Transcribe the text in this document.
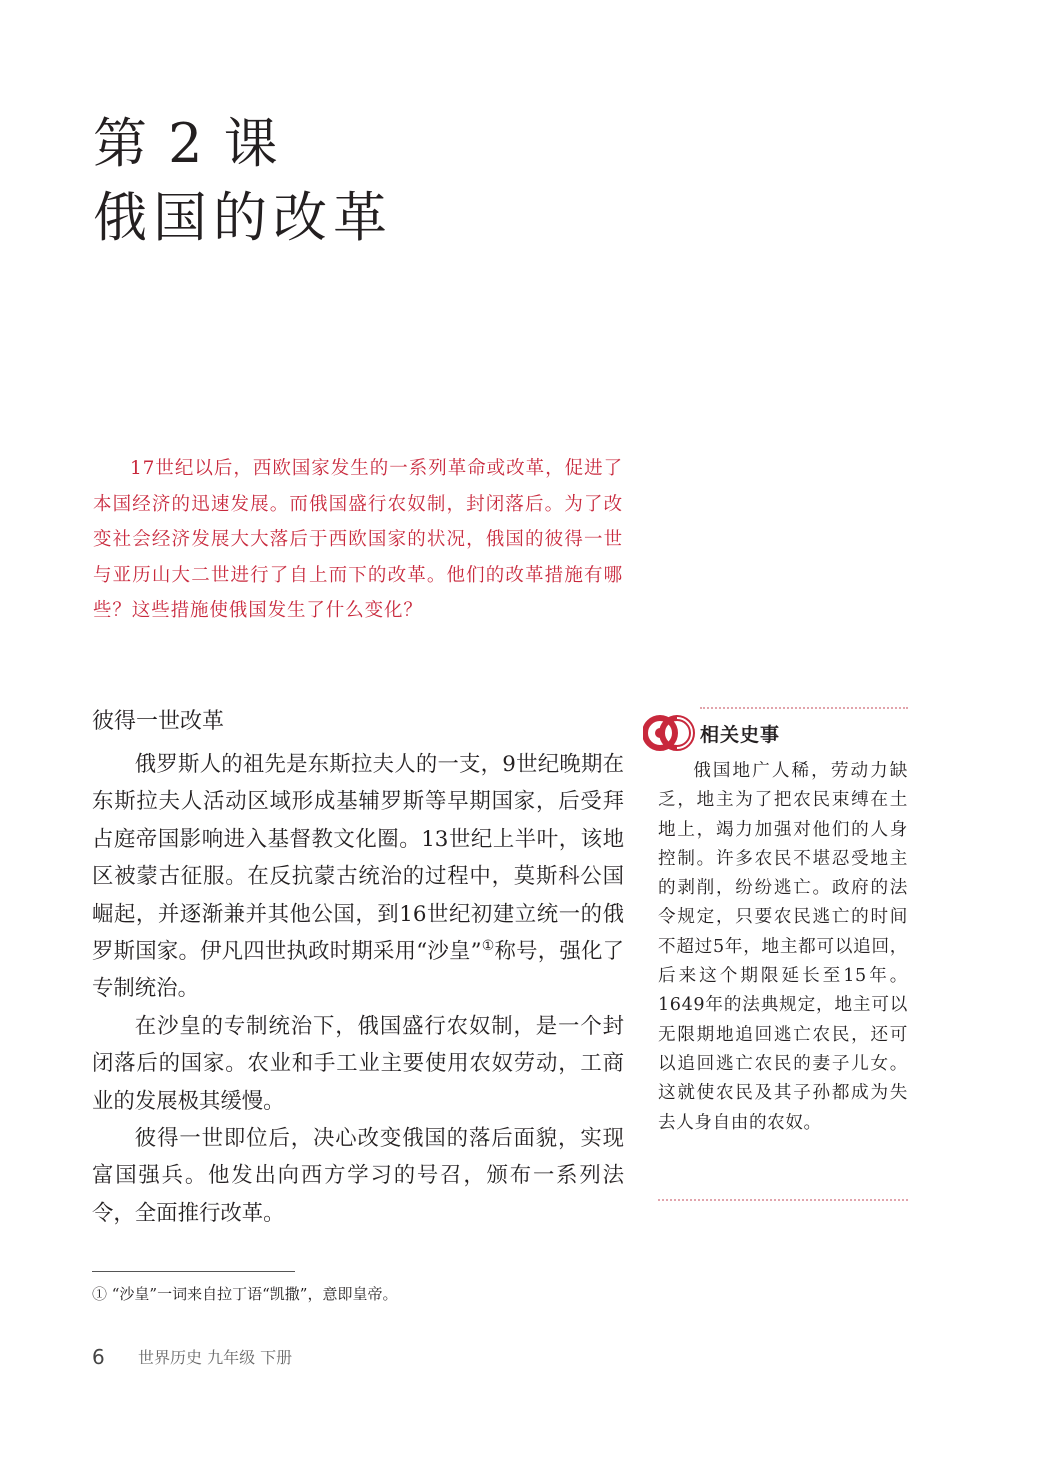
第 2 课
俄国的改革

17世纪以后，西欧国家发生的一系列革命或改革，促进了本国经济的迅速发展。而俄国盛行农奴制，封闭落后。为了改变社会经济发展大大落后于西欧国家的状况，俄国的彼得一世与亚历山大二世进行了自上而下的改革。他们的改革措施有哪些？这些措施使俄国发生了什么变化？

彼得一世改革

俄罗斯人的祖先是东斯拉夫人的一支，9世纪晚期在东斯拉夫人活动区域形成基辅罗斯等早期国家，后受拜占庭帝国影响进入基督教文化圈。13世纪上半叶，该地区被蒙古征服。在反抗蒙古统治的过程中，莫斯科公国崛起，并逐渐兼并其他公国，到16世纪初建立统一的俄罗斯国家。伊凡四世执政时期采用“沙皇”①称号，强化了专制统治。

在沙皇的专制统治下，俄国盛行农奴制，是一个封闭落后的国家。农业和手工业主要使用农奴劳动，工商业的发展极其缓慢。

彼得一世即位后，决心改变俄国的落后面貌，实现富国强兵。他发出向西方学习的号召，颁布一系列法令，全面推行改革。

相关史事

俄国地广人稀，劳动力缺乏，地主为了把农民束缚在土地上，竭力加强对他们的人身控制。许多农民不堪忍受地主的剥削，纷纷逃亡。政府的法令规定，只要农民逃亡的时间不超过5年，地主都可以追回，后来这个期限延长至15年。1649年的法典规定，地主可以无限期地追回逃亡农民，还可以追回逃亡农民的妻子儿女。这就使农民及其子孙都成为失去人身自由的农奴。

① “沙皇”一词来自拉丁语“凯撒”，意即皇帝。
6 世界历史 九年级 下册
